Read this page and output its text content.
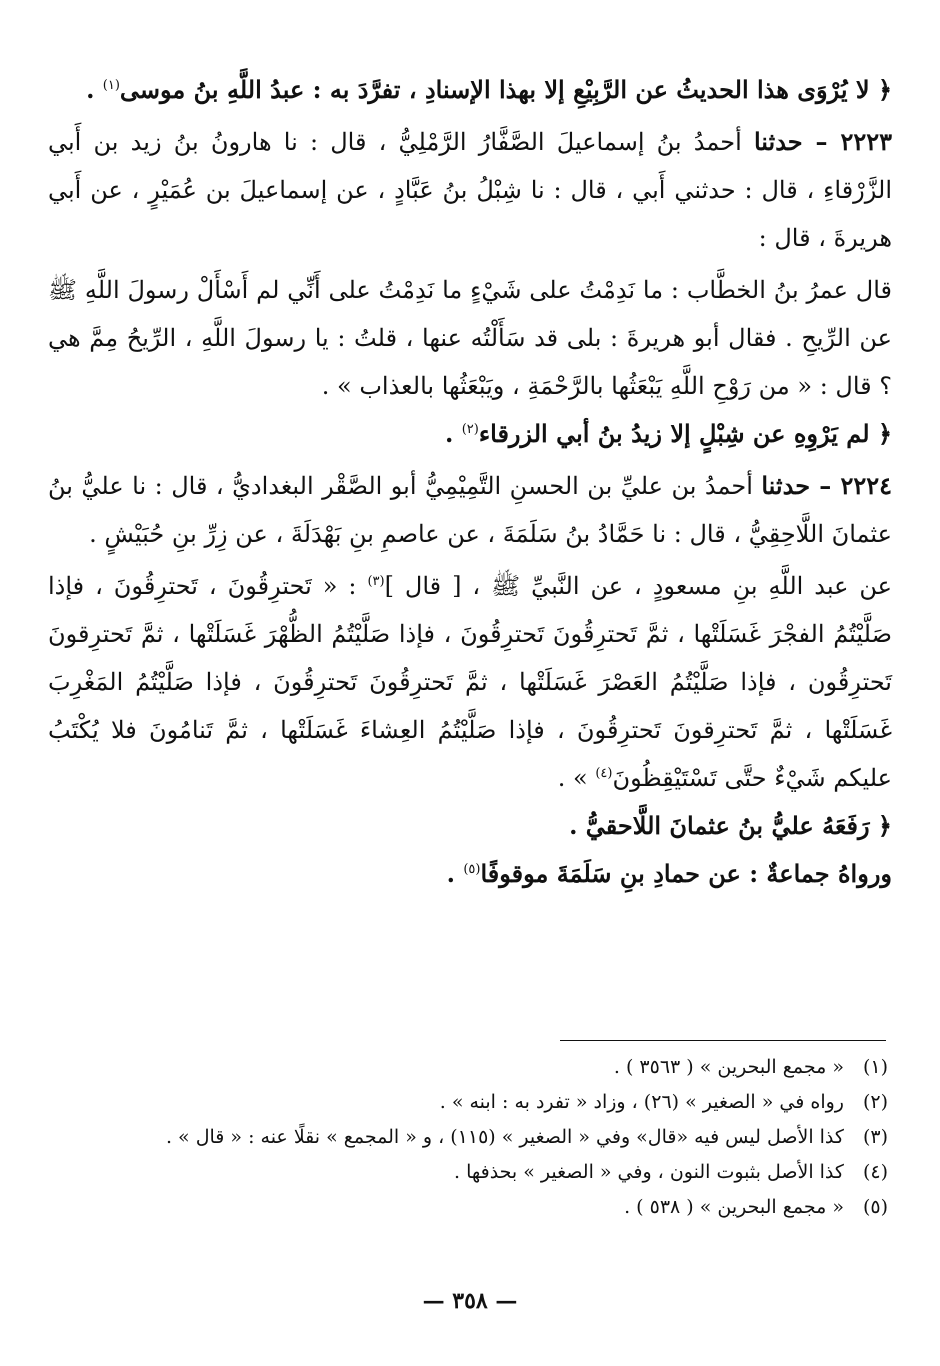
﴿ لا يُرْوَى هذا الحديثُ عن الرَّبِيْعِ إلا بهذا الإسنادِ ، تفرَّدَ به : عبدُ اللَّهِ بنُ موسى$^{(١)}$ .

٢٢٢٣ – حدثنا أحمدُ بنُ إسماعيلَ الصَّفَّارُ الرَّمْلِيُّ ، قال : نا هارونُ بنُ زيد بن أَبي الزَّرْقاءِ ، قال : حدثني أَبي ، قال : نا شِبْلُ بنُ عَبَّادٍ ، عن إسماعيلَ بن عُمَيْرٍ ، عن أَبي هريرةَ ، قال :

قال عمرُ بنُ الخطَّاب : ما نَدِمْتُ على شَيْءٍ ما نَدِمْتُ على أَنِّي لم أَسْأَلْ رسولَ اللَّهِ ﷺ عن الرِّيحِ . فقال أبو هريرةَ : بلى قد سَأَلْتُه عنها ، قلتُ : يا رسولَ اللَّهِ ، الرِّيحُ مِمَّ هي ؟ قال : « من رَوْحِ اللَّهِ يَبْعَثُها بالرَّحْمَةِ ، ويَبْعَثُها بالعذاب » .

﴿ لم يَرْوِهِ عن شِبْلٍ إلا زيدُ بنُ أبي الزرقاء$^{(٢)}$ .

٢٢٢٤ – حدثنا أحمدُ بن عليِّ بن الحسنِ التَّمِيْمِيُّ أبو الصَّقْر البغداديُّ ، قال : نا عليُّ بنُ عثمانَ اللَّاحِقِيُّ ، قال : نا حَمَّادُ بنُ سَلَمَةَ ، عن عاصمِ بنِ بَهْدَلَةَ ، عن زِرِّ بنِ حُبَيْشٍ .

عن عبد اللَّهِ بنِ مسعودٍ ، عن النَّبيِّ ﷺ ، [ قال ]$^{(٣)}$ : « تَحترِقُونَ ، تَحترِقُونَ ، فإذا صَلَّيْتُمُ الفجْرَ غَسَلَتْها ، ثمَّ تَحترِقُونَ تَحترِقُونَ ، فإذا صَلَّيْتُمُ الظُّهْرَ غَسَلَتْها ، ثمَّ تَحترِقونَ تَحترِقُون ، فإذا صَلَّيْتُمُ العَصْرَ غَسَلَتْها ، ثمَّ تَحترِقُونَ تَحترِقُونَ ، فإذا صَلَّيْتُمُ المَغْرِبَ غَسَلَتْها ، ثمَّ تَحترِقونَ تَحترِقُونَ ، فإذا صَلَّيْتُمُ العِشاءَ غَسَلَتْها ، ثمَّ تَنامُونَ فلا يُكْتَبُ عليكم شَيْءٌ حتَّى تَسْتَيْقِظُونَ$^{(٤)}$ » .

﴿ رَفَعَهُ عليُّ بنُ عثمانَ اللَّاحقيُّ .

ورواهُ جماعةٌ : عن حمادِ بنِ سَلَمَةَ موقوفًا$^{(٥)}$ .

(١) « مجمع البحرين » ( ٣٥٦٣ ) .
(٢) رواه في « الصغير » (٢٦) ، وزاد « تفرد به : ابنه » .
(٣) كذا الأصل ليس فيه «قال» وفي « الصغير » (١١٥) ، و « المجمع » نقلًا عنه : « قال » .
(٤) كذا الأصل بثبوت النون ، وفي « الصغير » بحذفها .
(٥) « مجمع البحرين » ( ٥٣٨ ) .
— ٣٥٨ —
